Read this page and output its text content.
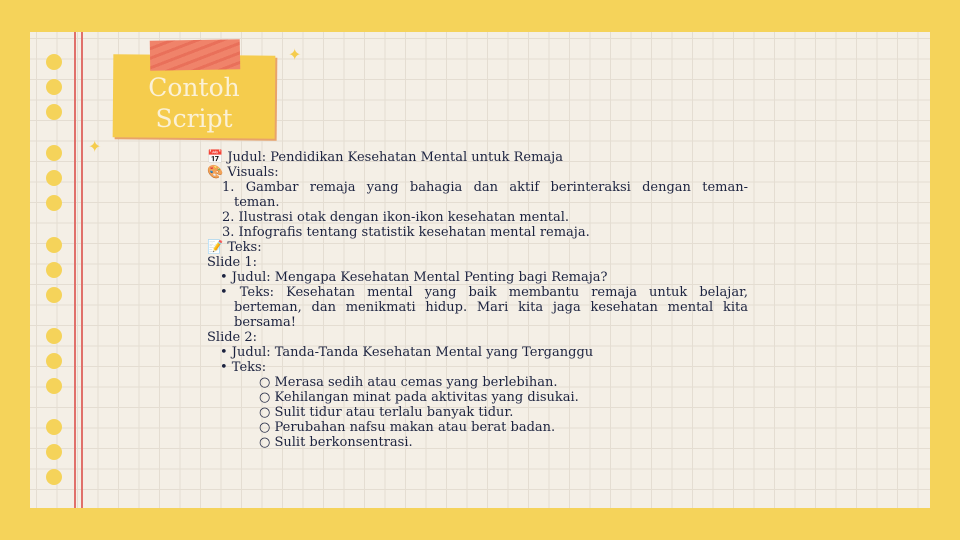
Contoh Script
✦
✦
📅 Judul: Pendidikan Kesehatan Mental untuk Remaja
🎨 Visuals:
1. Gambar remaja yang bahagia dan aktif berinteraksi dengan teman-teman.
2. Ilustrasi otak dengan ikon-ikon kesehatan mental.
3. Infografis tentang statistik kesehatan mental remaja.
📝 Teks:
Slide 1:
• Judul: Mengapa Kesehatan Mental Penting bagi Remaja?
• Teks: Kesehatan mental yang baik membantu remaja untuk belajar, berteman, dan menikmati hidup. Mari kita jaga kesehatan mental kita bersama!
Slide 2:
• Judul: Tanda-Tanda Kesehatan Mental yang Terganggu
• Teks:
○ Merasa sedih atau cemas yang berlebihan.
○ Kehilangan minat pada aktivitas yang disukai.
○ Sulit tidur atau terlalu banyak tidur.
○ Perubahan nafsu makan atau berat badan.
○ Sulit berkonsentrasi.
